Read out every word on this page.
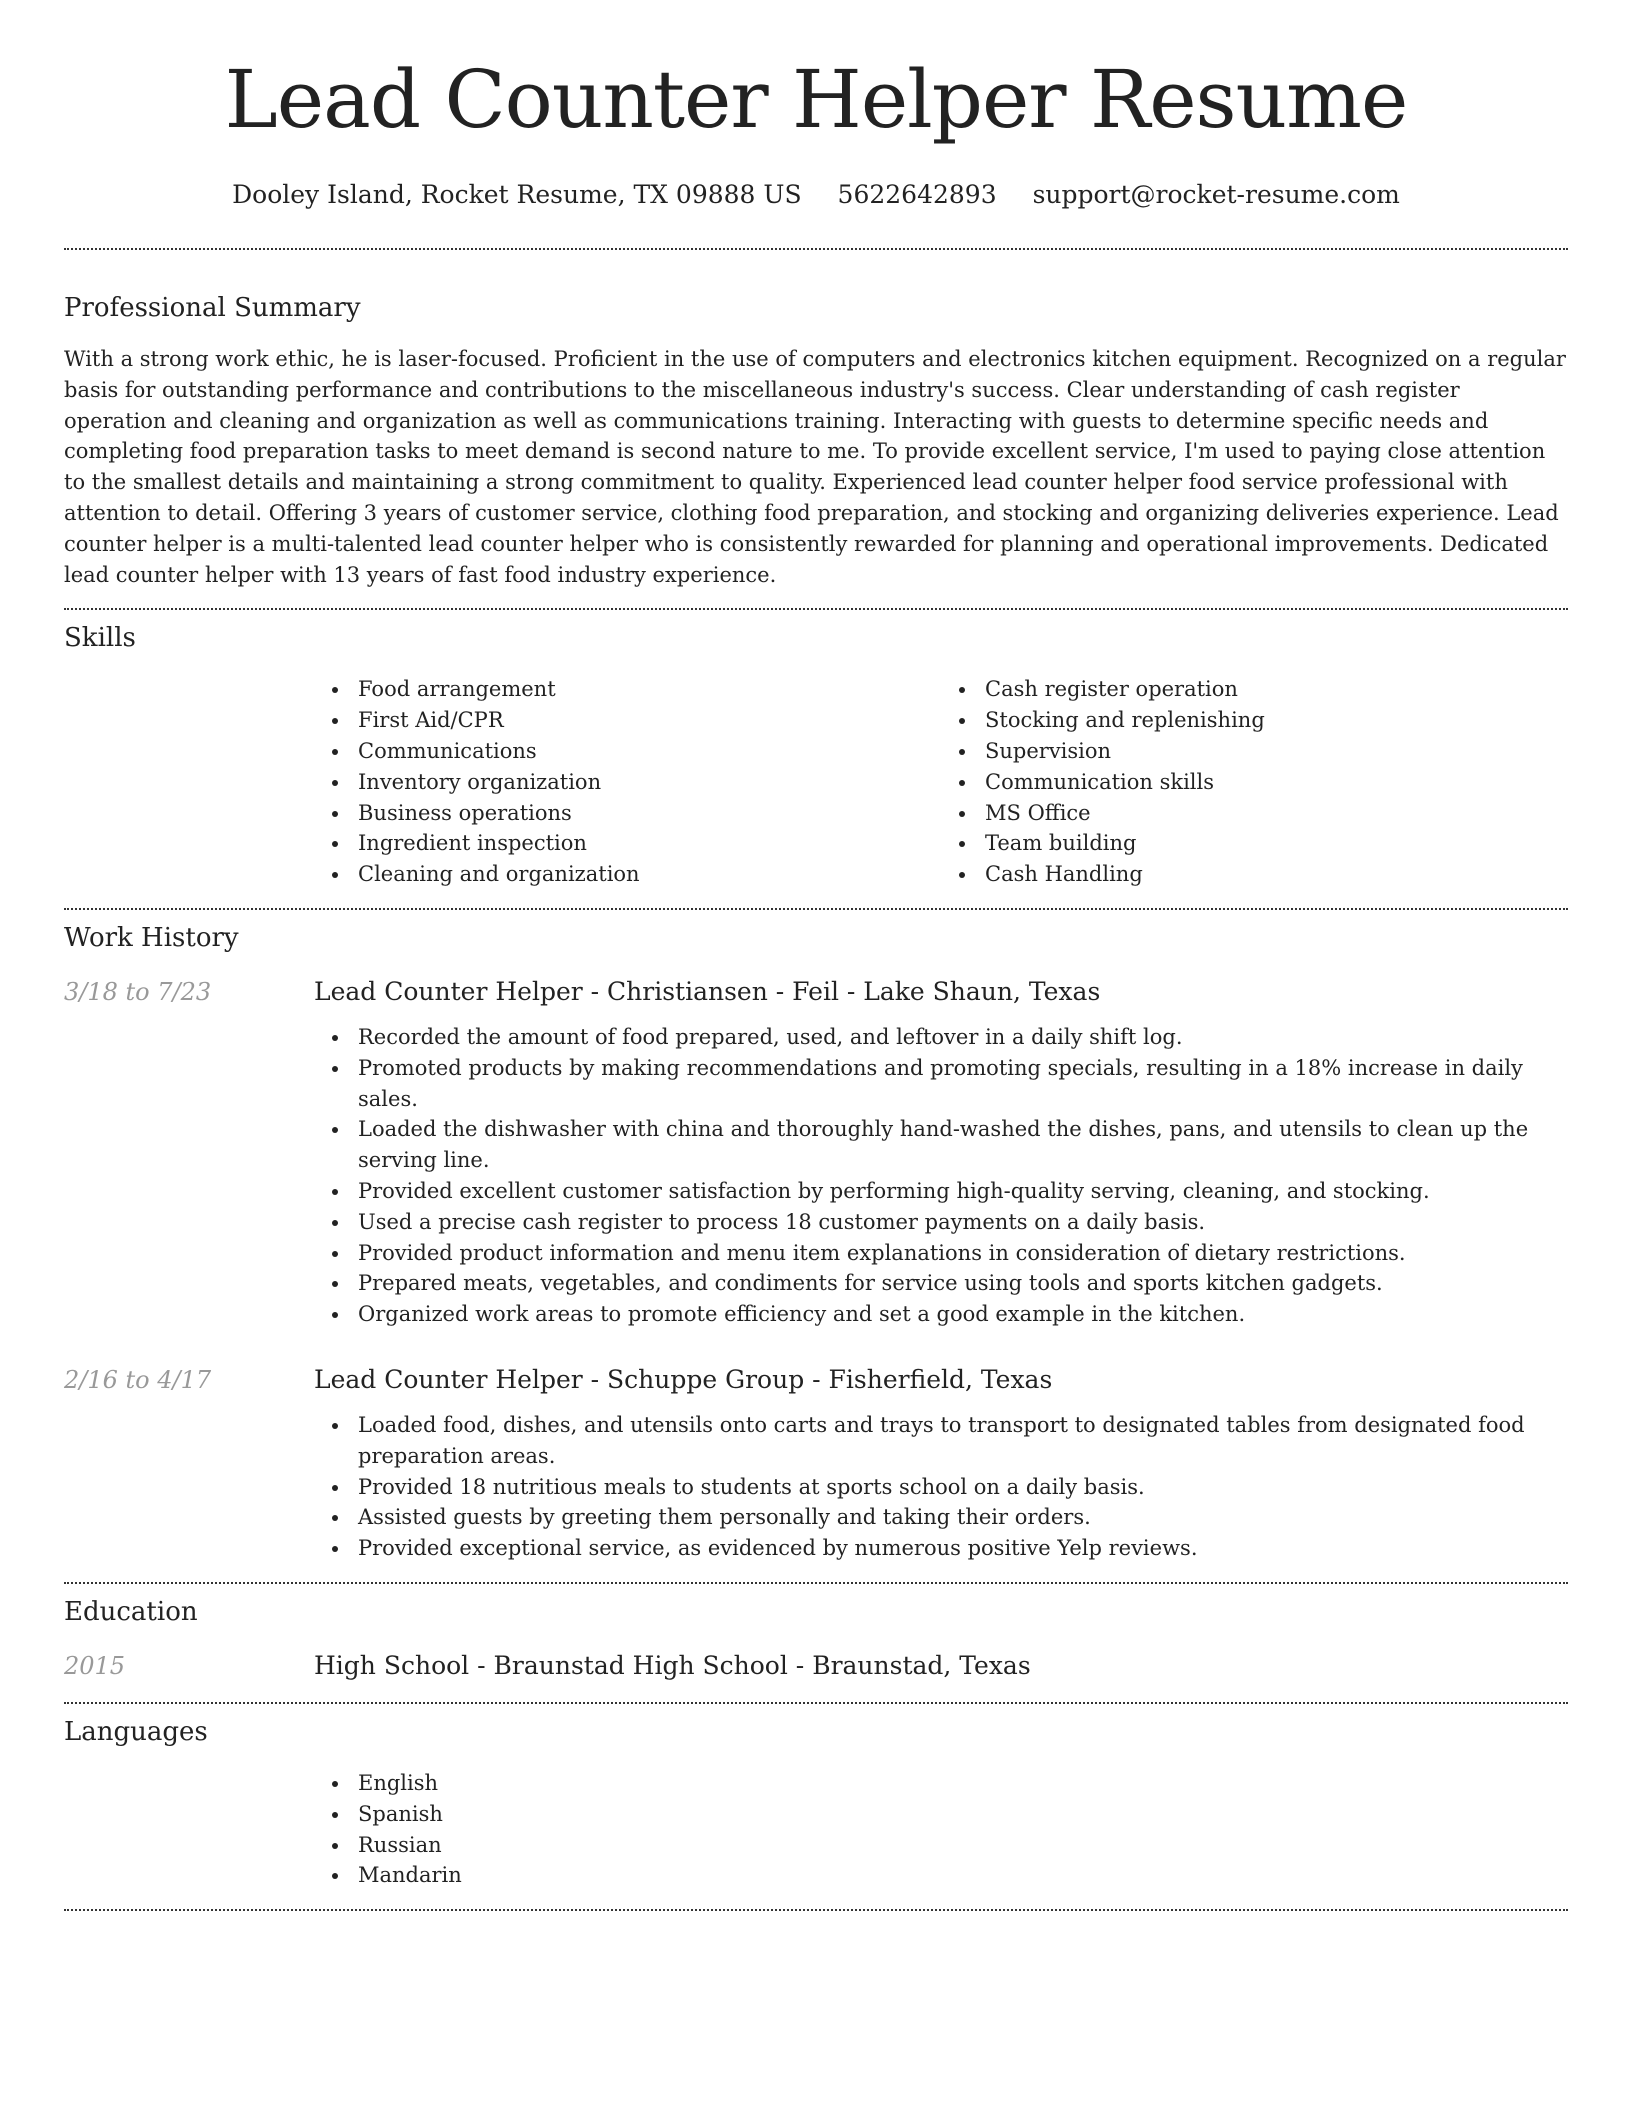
Lead Counter Helper Resume
Dooley Island, Rocket Resume, TX 09888 US 5622642893 support@rocket-resume.com
Professional Summary

With a strong work ethic, he is laser-focused. Proficient in the use of computers and electronics kitchen equipment. Recognized on a regular basis for outstanding performance and contributions to the miscellaneous industry's success. Clear understanding of cash register operation and cleaning and organization as well as communications training. Interacting with guests to determine specific needs and completing food preparation tasks to meet demand is second nature to me. To provide excellent service, I'm used to paying close attention to the smallest details and maintaining a strong commitment to quality. Experienced lead counter helper food service professional with attention to detail. Offering 3 years of customer service, clothing food preparation, and stocking and organizing deliveries experience. Lead counter helper is a multi-talented lead counter helper who is consistently rewarded for planning and operational improvements. Dedicated lead counter helper with 13 years of fast food industry experience.

Skills
Food arrangement
First Aid/CPR
Communications
Inventory organization
Business operations
Ingredient inspection
Cleaning and organization
Cash register operation
Stocking and replenishing
Supervision
Communication skills
MS Office
Team building
Cash Handling
Work History
3/18 to 7/23	Lead Counter Helper - Christiansen - Feil - Lake Shaun, Texas
Recorded the amount of food prepared, used, and leftover in a daily shift log.
Promoted products by making recommendations and promoting specials, resulting in a 18% increase in daily sales.
Loaded the dishwasher with china and thoroughly hand-washed the dishes, pans, and utensils to clean up the serving line.
Provided excellent customer satisfaction by performing high-quality serving, cleaning, and stocking.
Used a precise cash register to process 18 customer payments on a daily basis.
Provided product information and menu item explanations in consideration of dietary restrictions.
Prepared meats, vegetables, and condiments for service using tools and sports kitchen gadgets.
Organized work areas to promote efficiency and set a good example in the kitchen.
2/16 to 4/17	Lead Counter Helper - Schuppe Group - Fisherfield, Texas
Loaded food, dishes, and utensils onto carts and trays to transport to designated tables from designated food preparation areas.
Provided 18 nutritious meals to students at sports school on a daily basis.
Assisted guests by greeting them personally and taking their orders.
Provided exceptional service, as evidenced by numerous positive Yelp reviews.
Education
2015	High School - Braunstad High School - Braunstad, Texas
Languages
English
Spanish
Russian
Mandarin
